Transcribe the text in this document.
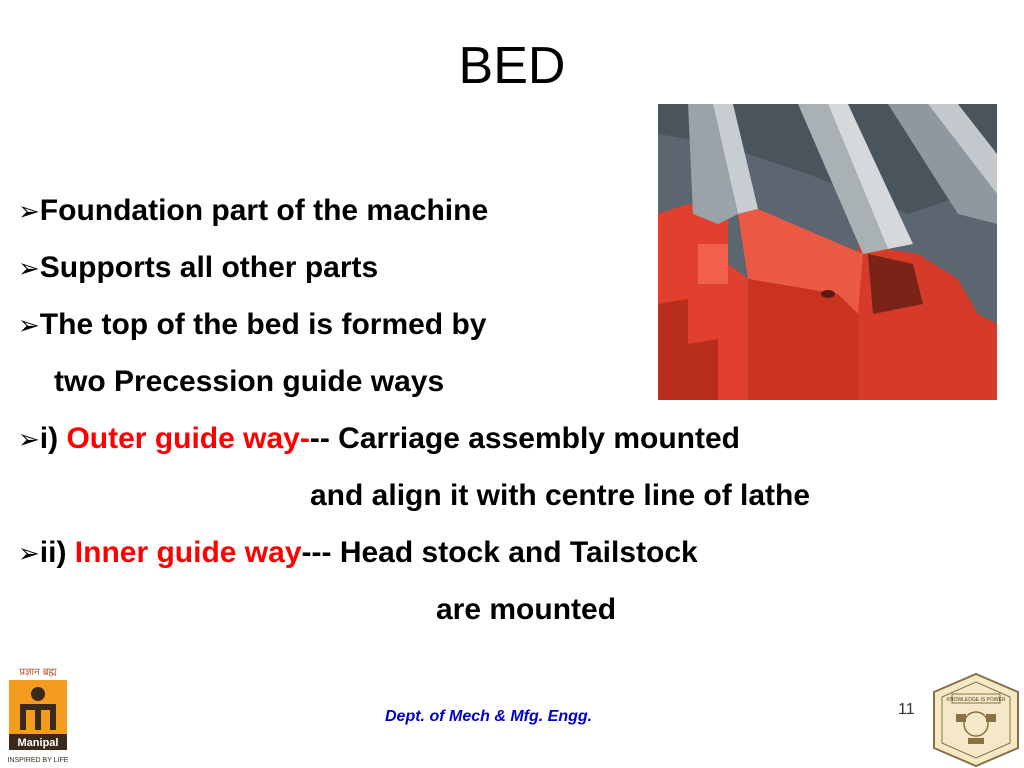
BED
➢Foundation part of the machine
➢Supports all other parts
➢The top of the bed is formed by
two Precession guide ways
➢i) Outer guide way--- Carriage assembly mounted
and align it with centre line of lathe
➢ii) Inner guide way--- Head stock and Tailstock
are mounted
प्रज्ञान ब्रह्म
Manipal
INSPIRED BY LIFE
Dept. of Mech & Mfg. Engg.	11
KNOWLEDGE IS POWER
